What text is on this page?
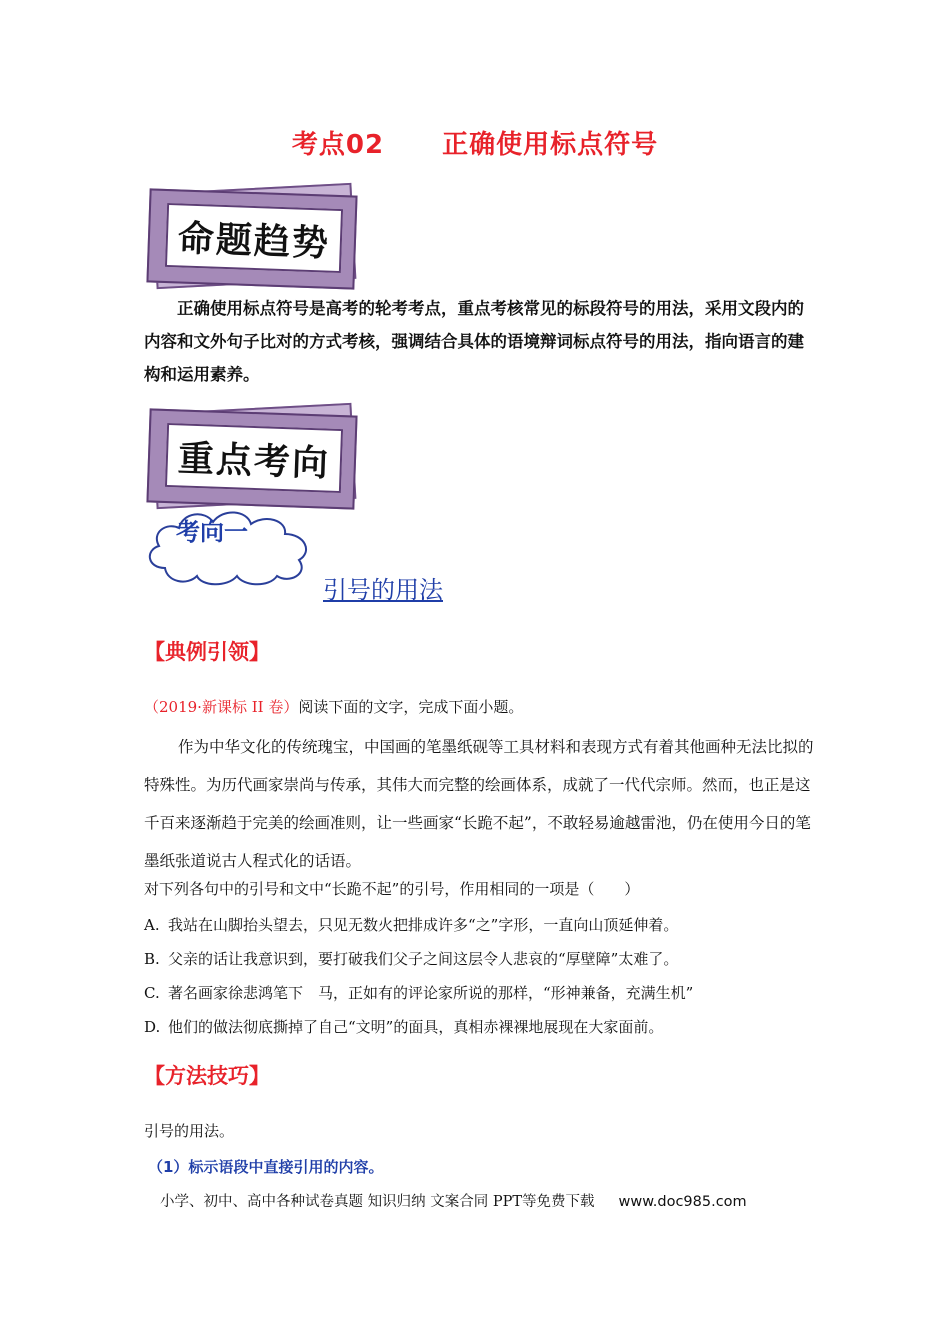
考点02 正确使用标点符号
命题趋势
正确使用标点符号是高考的轮考考点，重点考核常见的标段符号的用法，采用文段内的内容和文外句子比对的方式考核，强调结合具体的语境辩词标点符号的用法，指向语言的建构和运用素养。
重点考向
考向一
引号的用法
【典例引领】
（2019·新课标 II 卷）阅读下面的文字，完成下面小题。
作为中华文化的传统瑰宝，中国画的笔墨纸砚等工具材料和表现方式有着其他画种无法比拟的特殊性。为历代画家崇尚与传承，其伟大而完整的绘画体系，成就了一代代宗师。然而，也正是这千百来逐渐趋于完美的绘画准则，让一些画家“长跪不起”，不敢轻易逾越雷池，仍在使用今日的笔墨纸张道说古人程式化的话语。
对下列各句中的引号和文中“长跪不起”的引号，作用相同的一项是（　　）
A. 我站在山脚抬头望去，只见无数火把排成许多“之”字形，一直向山顶延伸着。
B. 父亲的话让我意识到，要打破我们父子之间这层令人悲哀的“厚壁障”太难了。
C. 著名画家徐悲鸿笔下　马，正如有的评论家所说的那样，“形神兼备，充满生机”
D. 他们的做法彻底撕掉了自己“文明”的面具，真相赤裸裸地展现在大家面前。
【方法技巧】
引号的用法。
（1）标示语段中直接引用的内容。
小学、初中、高中各种试卷真题 知识归纳 文案合同 PPT等免费下载 www.doc985.com
